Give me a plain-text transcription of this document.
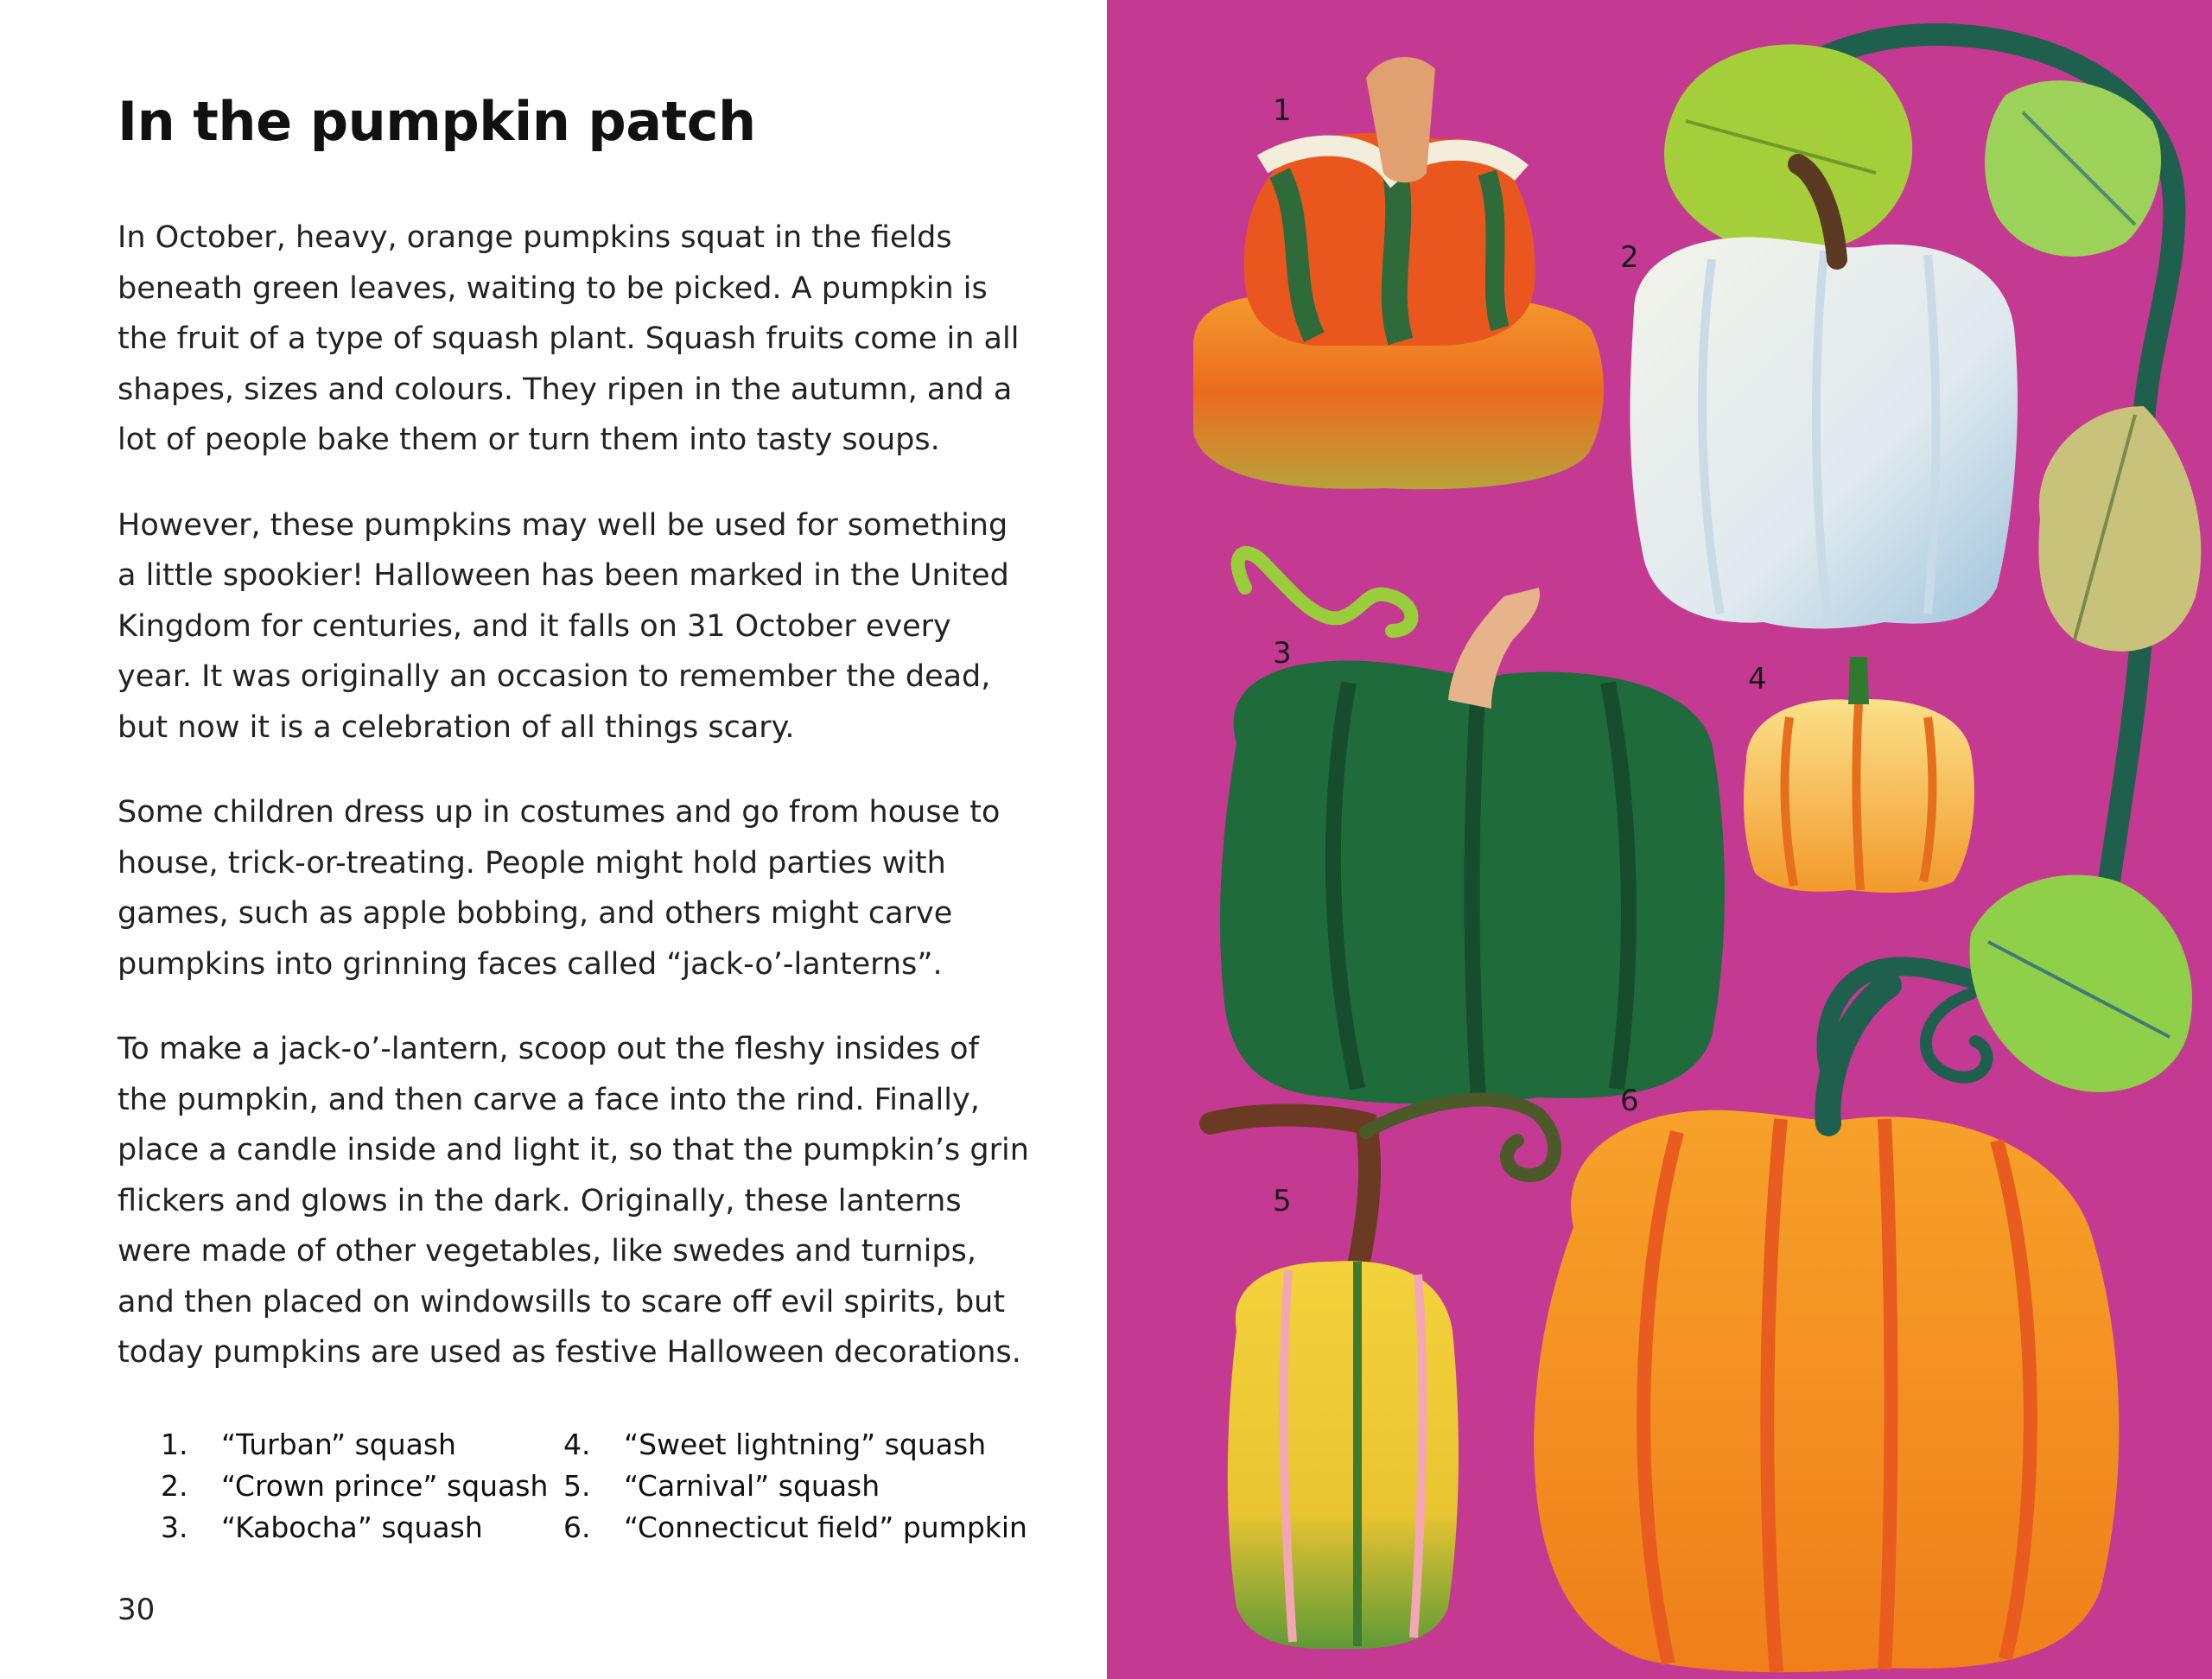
In the pumpkin patch

In October, heavy, orange pumpkins squat in the fields beneath green leaves, waiting to be picked. A pumpkin is the fruit of a type of squash plant. Squash fruits come in all shapes, sizes and colours. They ripen in the autumn, and a lot of people bake them or turn them into tasty soups.

However, these pumpkins may well be used for something a little spookier! Halloween has been marked in the United Kingdom for centuries, and it falls on 31 October every year. It was originally an occasion to remember the dead, but now it is a celebration of all things scary.

Some children dress up in costumes and go from house to house, trick-or-treating. People might hold parties with games, such as apple bobbing, and others might carve pumpkins into grinning faces called “jack-o’-lanterns”.

To make a jack-o’-lantern, scoop out the fleshy insides of the pumpkin, and then carve a face into the rind. Finally, place a candle inside and light it, so that the pumpkin’s grin flickers and glows in the dark. Originally, these lanterns were made of other vegetables, like swedes and turnips, and then placed on windowsills to scare off evil spirits, but today pumpkins are used as festive Halloween decorations.

1.	“Turban” squash
2.	“Crown prince” squash
3.	“Kabocha” squash
4.	“Sweet lightning” squash
5.	“Carnival” squash
6.	“Connecticut field” pumpkin
30
1
2
3
4
5
6
